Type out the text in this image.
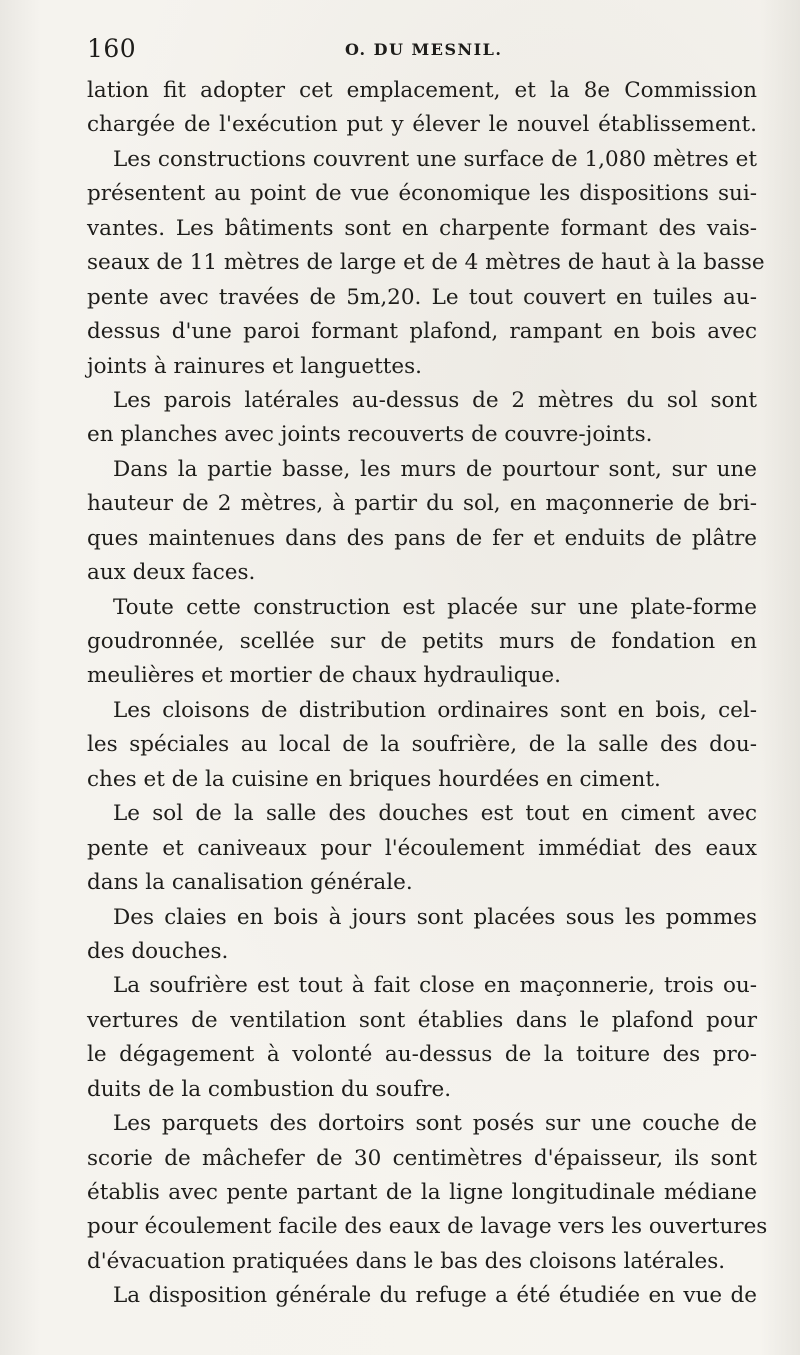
160	O. DU MESNIL.
lation fit adopter cet emplacement, et la 8e Commission
chargée de l'exécution put y élever le nouvel établissement.
Les constructions couvrent une surface de 1,080 mètres et
présentent au point de vue économique les dispositions sui-
vantes. Les bâtiments sont en charpente formant des vais-
seaux de 11 mètres de large et de 4 mètres de haut à la basse
pente avec travées de 5m,20. Le tout couvert en tuiles au-
dessus d'une paroi formant plafond, rampant en bois avec
joints à rainures et languettes.
Les parois latérales au-dessus de 2 mètres du sol sont
en planches avec joints recouverts de couvre-joints.
Dans la partie basse, les murs de pourtour sont, sur une
hauteur de 2 mètres, à partir du sol, en maçonnerie de bri-
ques maintenues dans des pans de fer et enduits de plâtre
aux deux faces.
Toute cette construction est placée sur une plate-forme
goudronnée, scellée sur de petits murs de fondation en
meulières et mortier de chaux hydraulique.
Les cloisons de distribution ordinaires sont en bois, cel-
les spéciales au local de la soufrière, de la salle des dou-
ches et de la cuisine en briques hourdées en ciment.
Le sol de la salle des douches est tout en ciment avec
pente et caniveaux pour l'écoulement immédiat des eaux
dans la canalisation générale.
Des claies en bois à jours sont placées sous les pommes
des douches.
La soufrière est tout à fait close en maçonnerie, trois ou-
vertures de ventilation sont établies dans le plafond pour
le dégagement à volonté au-dessus de la toiture des pro-
duits de la combustion du soufre.
Les parquets des dortoirs sont posés sur une couche de
scorie de mâchefer de 30 centimètres d'épaisseur, ils sont
établis avec pente partant de la ligne longitudinale médiane
pour écoulement facile des eaux de lavage vers les ouvertures
d'évacuation pratiquées dans le bas des cloisons latérales.
La disposition générale du refuge a été étudiée en vue de
